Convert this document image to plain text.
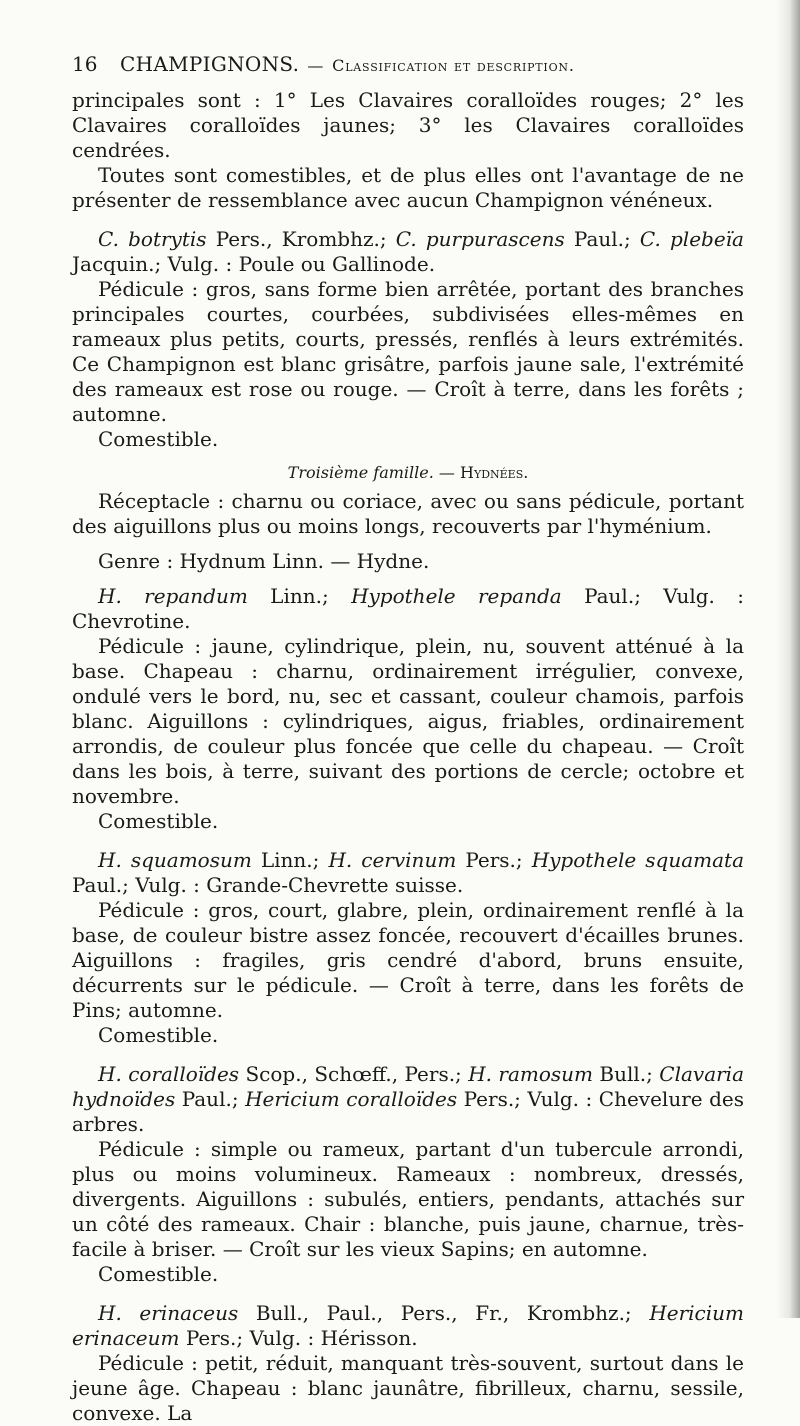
16	CHAMPIGNONS. — Classification et description.

principales sont : 1° Les Clavaires coralloïdes rouges; 2° les Clavaires coralloïdes jaunes; 3° les Clavaires coralloïdes cendrées.

Toutes sont comestibles, et de plus elles ont l'avantage de ne présenter de ressemblance avec aucun Champignon vénéneux.

C. botrytis Pers., Krombhz.; C. purpurascens Paul.; C. plebeïa Jacquin.; Vulg. : Poule ou Gallinode.

Pédicule : gros, sans forme bien arrêtée, portant des branches principales courtes, courbées, subdivisées elles-mêmes en rameaux plus petits, courts, pressés, renflés à leurs extrémités. Ce Champignon est blanc grisâtre, parfois jaune sale, l'extrémité des rameaux est rose ou rouge. — Croît à terre, dans les forêts ; automne.

Comestible.

Troisième famille. — Hydnées.

Réceptacle : charnu ou coriace, avec ou sans pédicule, portant des aiguillons plus ou moins longs, recouverts par l'hyménium.

Genre : Hydnum Linn. — Hydne.

H. repandum Linn.; Hypothele repanda Paul.; Vulg. : Chevrotine.

Pédicule : jaune, cylindrique, plein, nu, souvent atténué à la base. Chapeau : charnu, ordinairement irrégulier, convexe, ondulé vers le bord, nu, sec et cassant, couleur chamois, parfois blanc. Aiguillons : cylindriques, aigus, friables, ordinairement arrondis, de couleur plus foncée que celle du chapeau. — Croît dans les bois, à terre, suivant des portions de cercle; octobre et novembre.

Comestible.

H. squamosum Linn.; H. cervinum Pers.; Hypothele squamata Paul.; Vulg. : Grande-Chevrette suisse.

Pédicule : gros, court, glabre, plein, ordinairement renflé à la base, de couleur bistre assez foncée, recouvert d'écailles brunes. Aiguillons : fragiles, gris cendré d'abord, bruns ensuite, décurrents sur le pédicule. — Croît à terre, dans les forêts de Pins; automne.

Comestible.

H. coralloïdes Scop., Schœff., Pers.; H. ramosum Bull.; Clavaria hydnoïdes Paul.; Hericium coralloïdes Pers.; Vulg. : Chevelure des arbres.

Pédicule : simple ou rameux, partant d'un tubercule arrondi, plus ou moins volumineux. Rameaux : nombreux, dressés, divergents. Aiguillons : subulés, entiers, pendants, attachés sur un côté des rameaux. Chair : blanche, puis jaune, charnue, très-facile à briser. — Croît sur les vieux Sapins; en automne.

Comestible.

H. erinaceus Bull., Paul., Pers., Fr., Krombhz.; Hericium erinaceum Pers.; Vulg. : Hérisson.

Pédicule : petit, réduit, manquant très-souvent, surtout dans le jeune âge. Chapeau : blanc jaunâtre, fibrilleux, charnu, sessile, convexe. La
